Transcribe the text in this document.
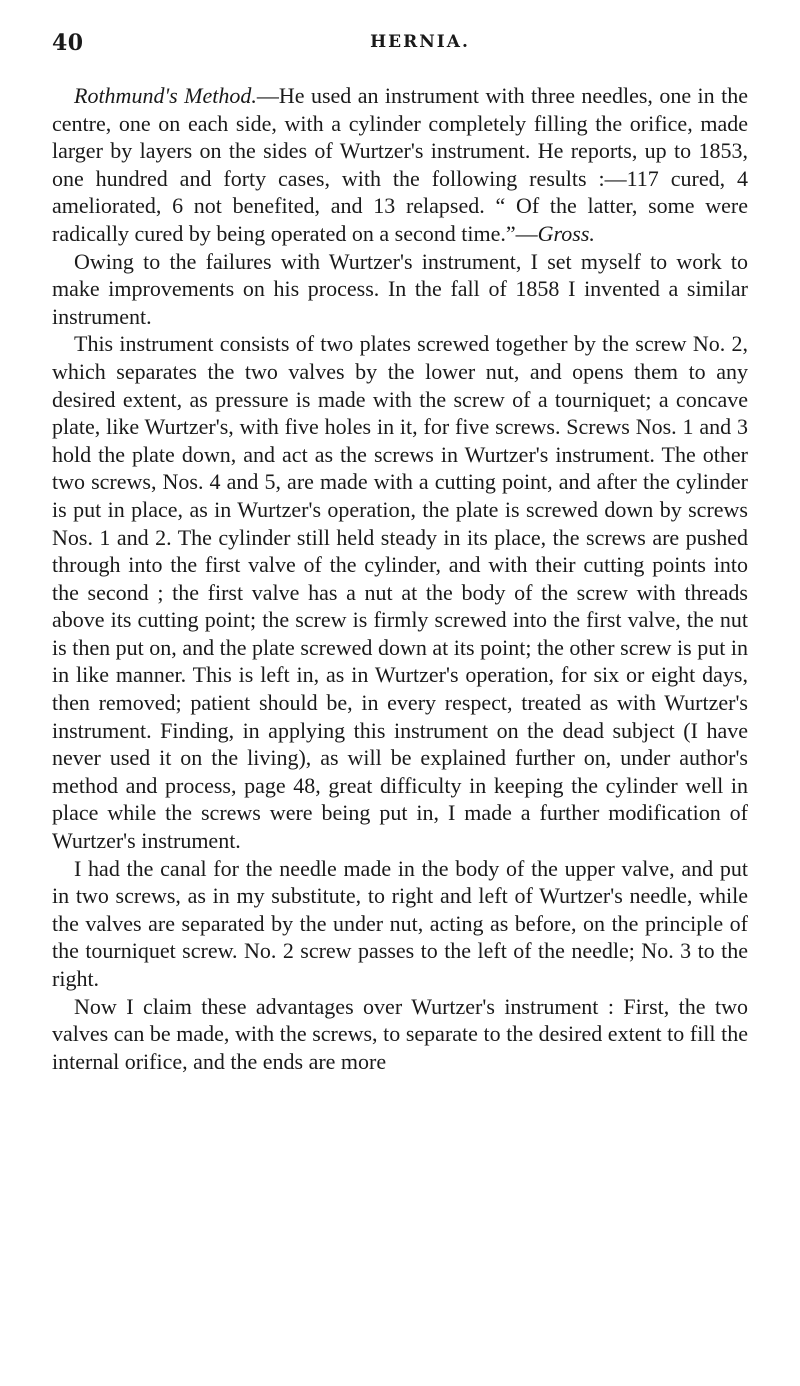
40	HERNIA.

Rothmund's Method.—He used an instrument with three needles, one in the centre, one on each side, with a cylinder completely filling the orifice, made larger by layers on the sides of Wurtzer's instrument. He reports, up to 1853, one hundred and forty cases, with the following results :—117 cured, 4 ameliorated, 6 not benefited, and 13 relapsed. “ Of the latter, some were radically cured by being operated on a second time.”—Gross.

Owing to the failures with Wurtzer's instrument, I set myself to work to make improvements on his process. In the fall of 1858 I invented a similar instrument.

This instrument consists of two plates screwed together by the screw No. 2, which separates the two valves by the lower nut, and opens them to any desired extent, as pressure is made with the screw of a tourniquet; a concave plate, like Wurtzer's, with five holes in it, for five screws. Screws Nos. 1 and 3 hold the plate down, and act as the screws in Wurtzer's instrument. The other two screws, Nos. 4 and 5, are made with a cutting point, and after the cylinder is put in place, as in Wurtzer's operation, the plate is screwed down by screws Nos. 1 and 2. The cylinder still held steady in its place, the screws are pushed through into the first valve of the cylinder, and with their cutting points into the second ; the first valve has a nut at the body of the screw with threads above its cutting point; the screw is firmly screwed into the first valve, the nut is then put on, and the plate screwed down at its point; the other screw is put in in like manner. This is left in, as in Wurtzer's operation, for six or eight days, then removed; patient should be, in every respect, treated as with Wurtzer's instrument. Finding, in applying this instrument on the dead subject (I have never used it on the living), as will be explained further on, under author's method and process, page 48, great difficulty in keeping the cylinder well in place while the screws were being put in, I made a further modification of Wurtzer's instrument.

I had the canal for the needle made in the body of the upper valve, and put in two screws, as in my substitute, to right and left of Wurtzer's needle, while the valves are separated by the under nut, acting as before, on the principle of the tourniquet screw. No. 2 screw passes to the left of the needle; No. 3 to the right.

Now I claim these advantages over Wurtzer's instrument : First, the two valves can be made, with the screws, to separate to the desired extent to fill the internal orifice, and the ends are more
